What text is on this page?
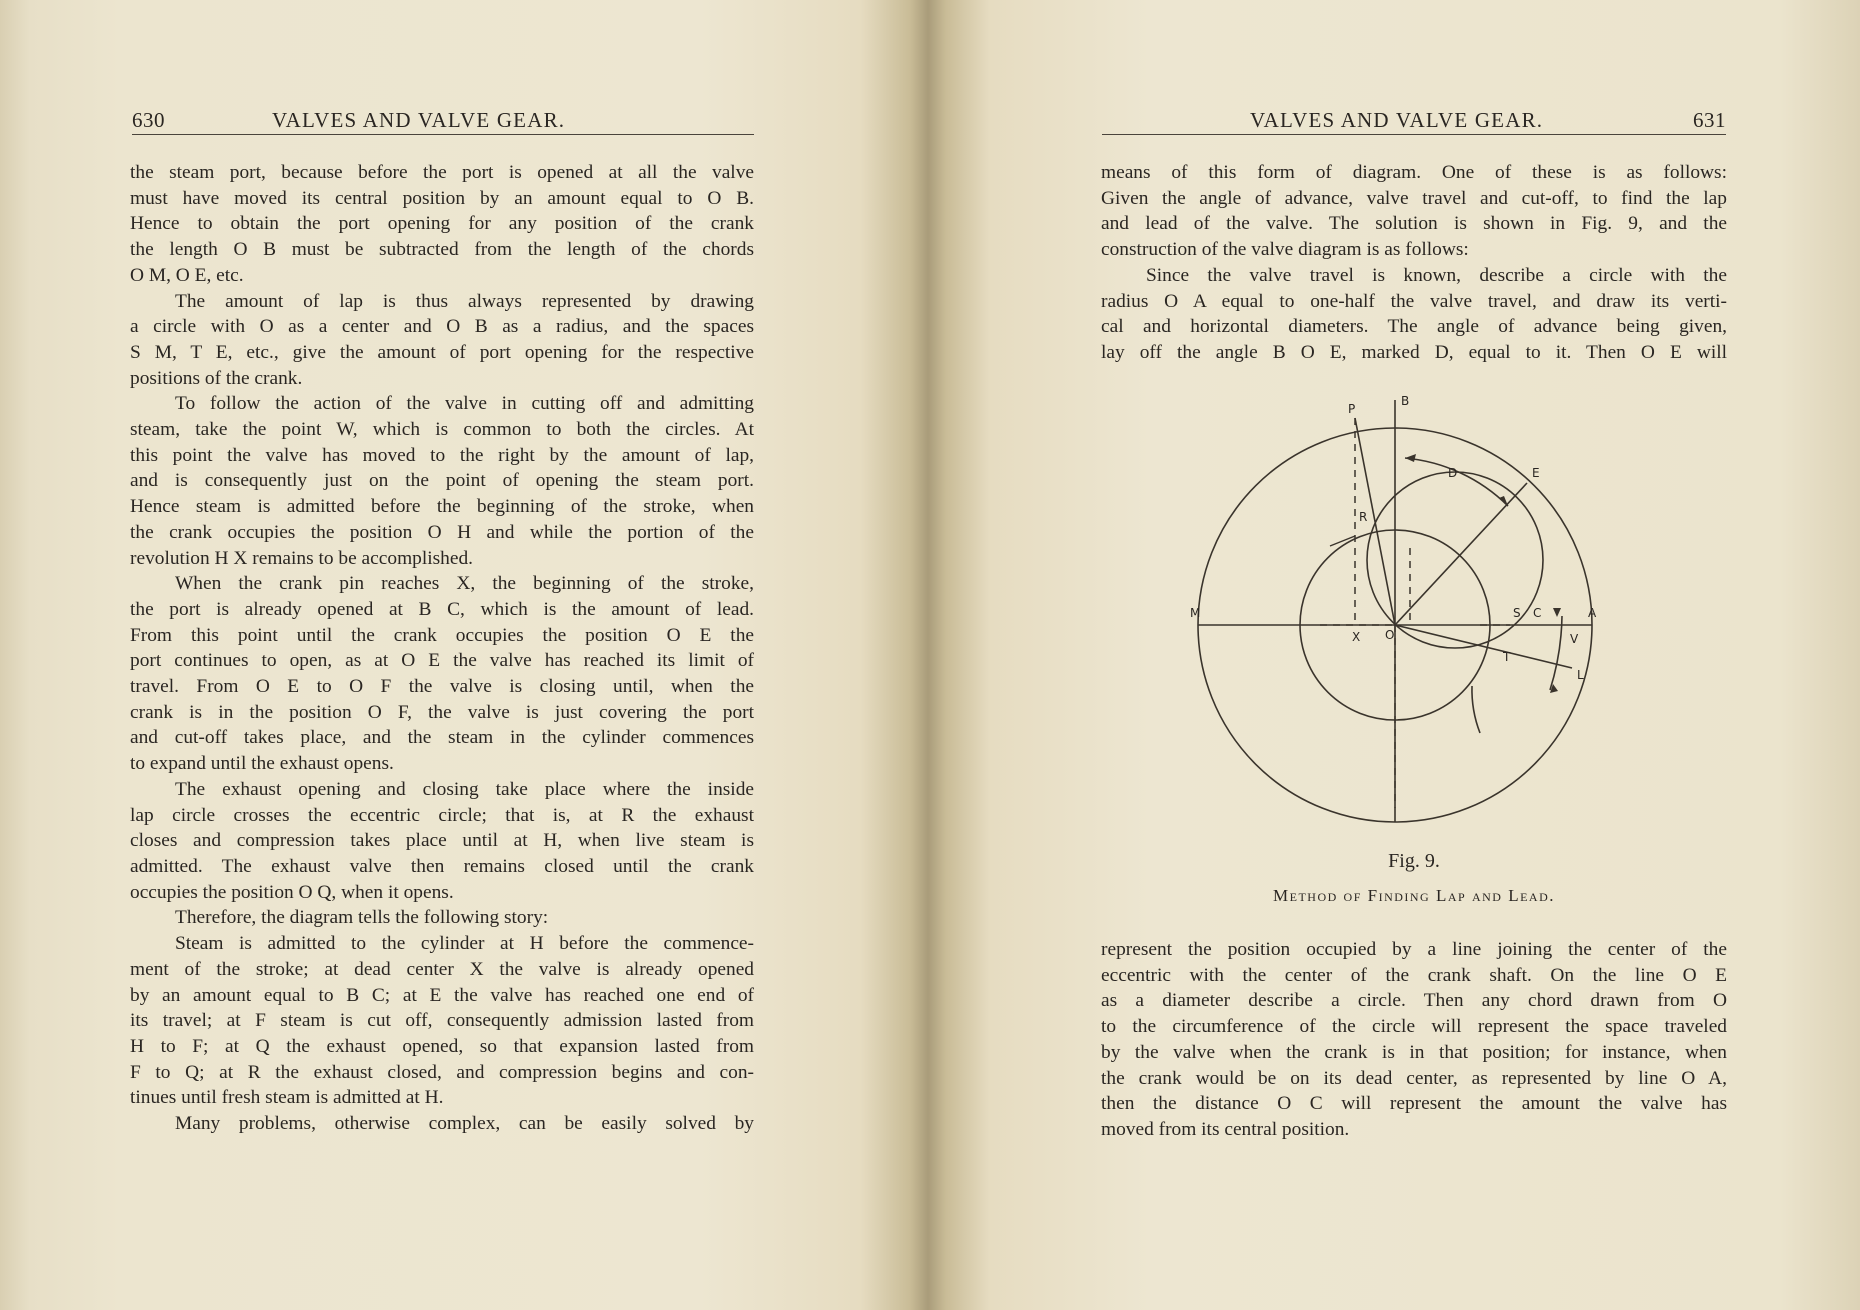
630	VALVES AND VALVE GEAR.

the steam port, because before the port is opened at all the valve

must have moved its central position by an amount equal to O B.

Hence to obtain the port opening for any position of the crank

the length O B must be subtracted from the length of the chords

O M, O E, etc.

The amount of lap is thus always represented by drawing

a circle with O as a center and O B as a radius, and the spaces

S M, T E, etc., give the amount of port opening for the respective

positions of the crank.

To follow the action of the valve in cutting off and admitting

steam, take the point W, which is common to both the circles. At

this point the valve has moved to the right by the amount of lap,

and is consequently just on the point of opening the steam port.

Hence steam is admitted before the beginning of the stroke, when

the crank occupies the position O H and while the portion of the

revolution H X remains to be accomplished.

When the crank pin reaches X, the beginning of the stroke,

the port is already opened at B C, which is the amount of lead.

From this point until the crank occupies the position O E the

port continues to open, as at O E the valve has reached its limit of

travel. From O E to O F the valve is closing until, when the

crank is in the position O F, the valve is just covering the port

and cut-off takes place, and the steam in the cylinder commences

to expand until the exhaust opens.

The exhaust opening and closing take place where the inside

lap circle crosses the eccentric circle; that is, at R the exhaust

closes and compression takes place until at H, when live steam is

admitted. The exhaust valve then remains closed until the crank

occupies the position O Q, when it opens.

Therefore, the diagram tells the following story:

Steam is admitted to the cylinder at H before the commence-

ment of the stroke; at dead center X the valve is already opened

by an amount equal to B C; at E the valve has reached one end of

its travel; at F steam is cut off, consequently admission lasted from

H to F; at Q the exhaust opened, so that expansion lasted from

F to Q; at R the exhaust closed, and compression begins and con-

tinues until fresh steam is admitted at H.

Many problems, otherwise complex, can be easily solved by

VALVES AND VALVE GEAR.	631

means of this form of diagram. One of these is as follows:

Given the angle of advance, valve travel and cut-off, to find the lap

and lead of the valve. The solution is shown in Fig. 9, and the

construction of the valve diagram is as follows:

Since the valve travel is known, describe a circle with the

radius O A equal to one-half the valve travel, and draw its verti-

cal and horizontal diameters. The angle of advance being given,

lay off the angle B O E, marked D, equal to it. Then O E will

P
B
E
D
R
M
X O
S C	A
V
T
L
Fig. 9.
Method of Finding Lap and Lead.

represent the position occupied by a line joining the center of the

eccentric with the center of the crank shaft. On the line O E

as a diameter describe a circle. Then any chord drawn from O

to the circumference of the circle will represent the space traveled

by the valve when the crank is in that position; for instance, when

the crank would be on its dead center, as represented by line O A,

then the distance O C will represent the amount the valve has

moved from its central position.
